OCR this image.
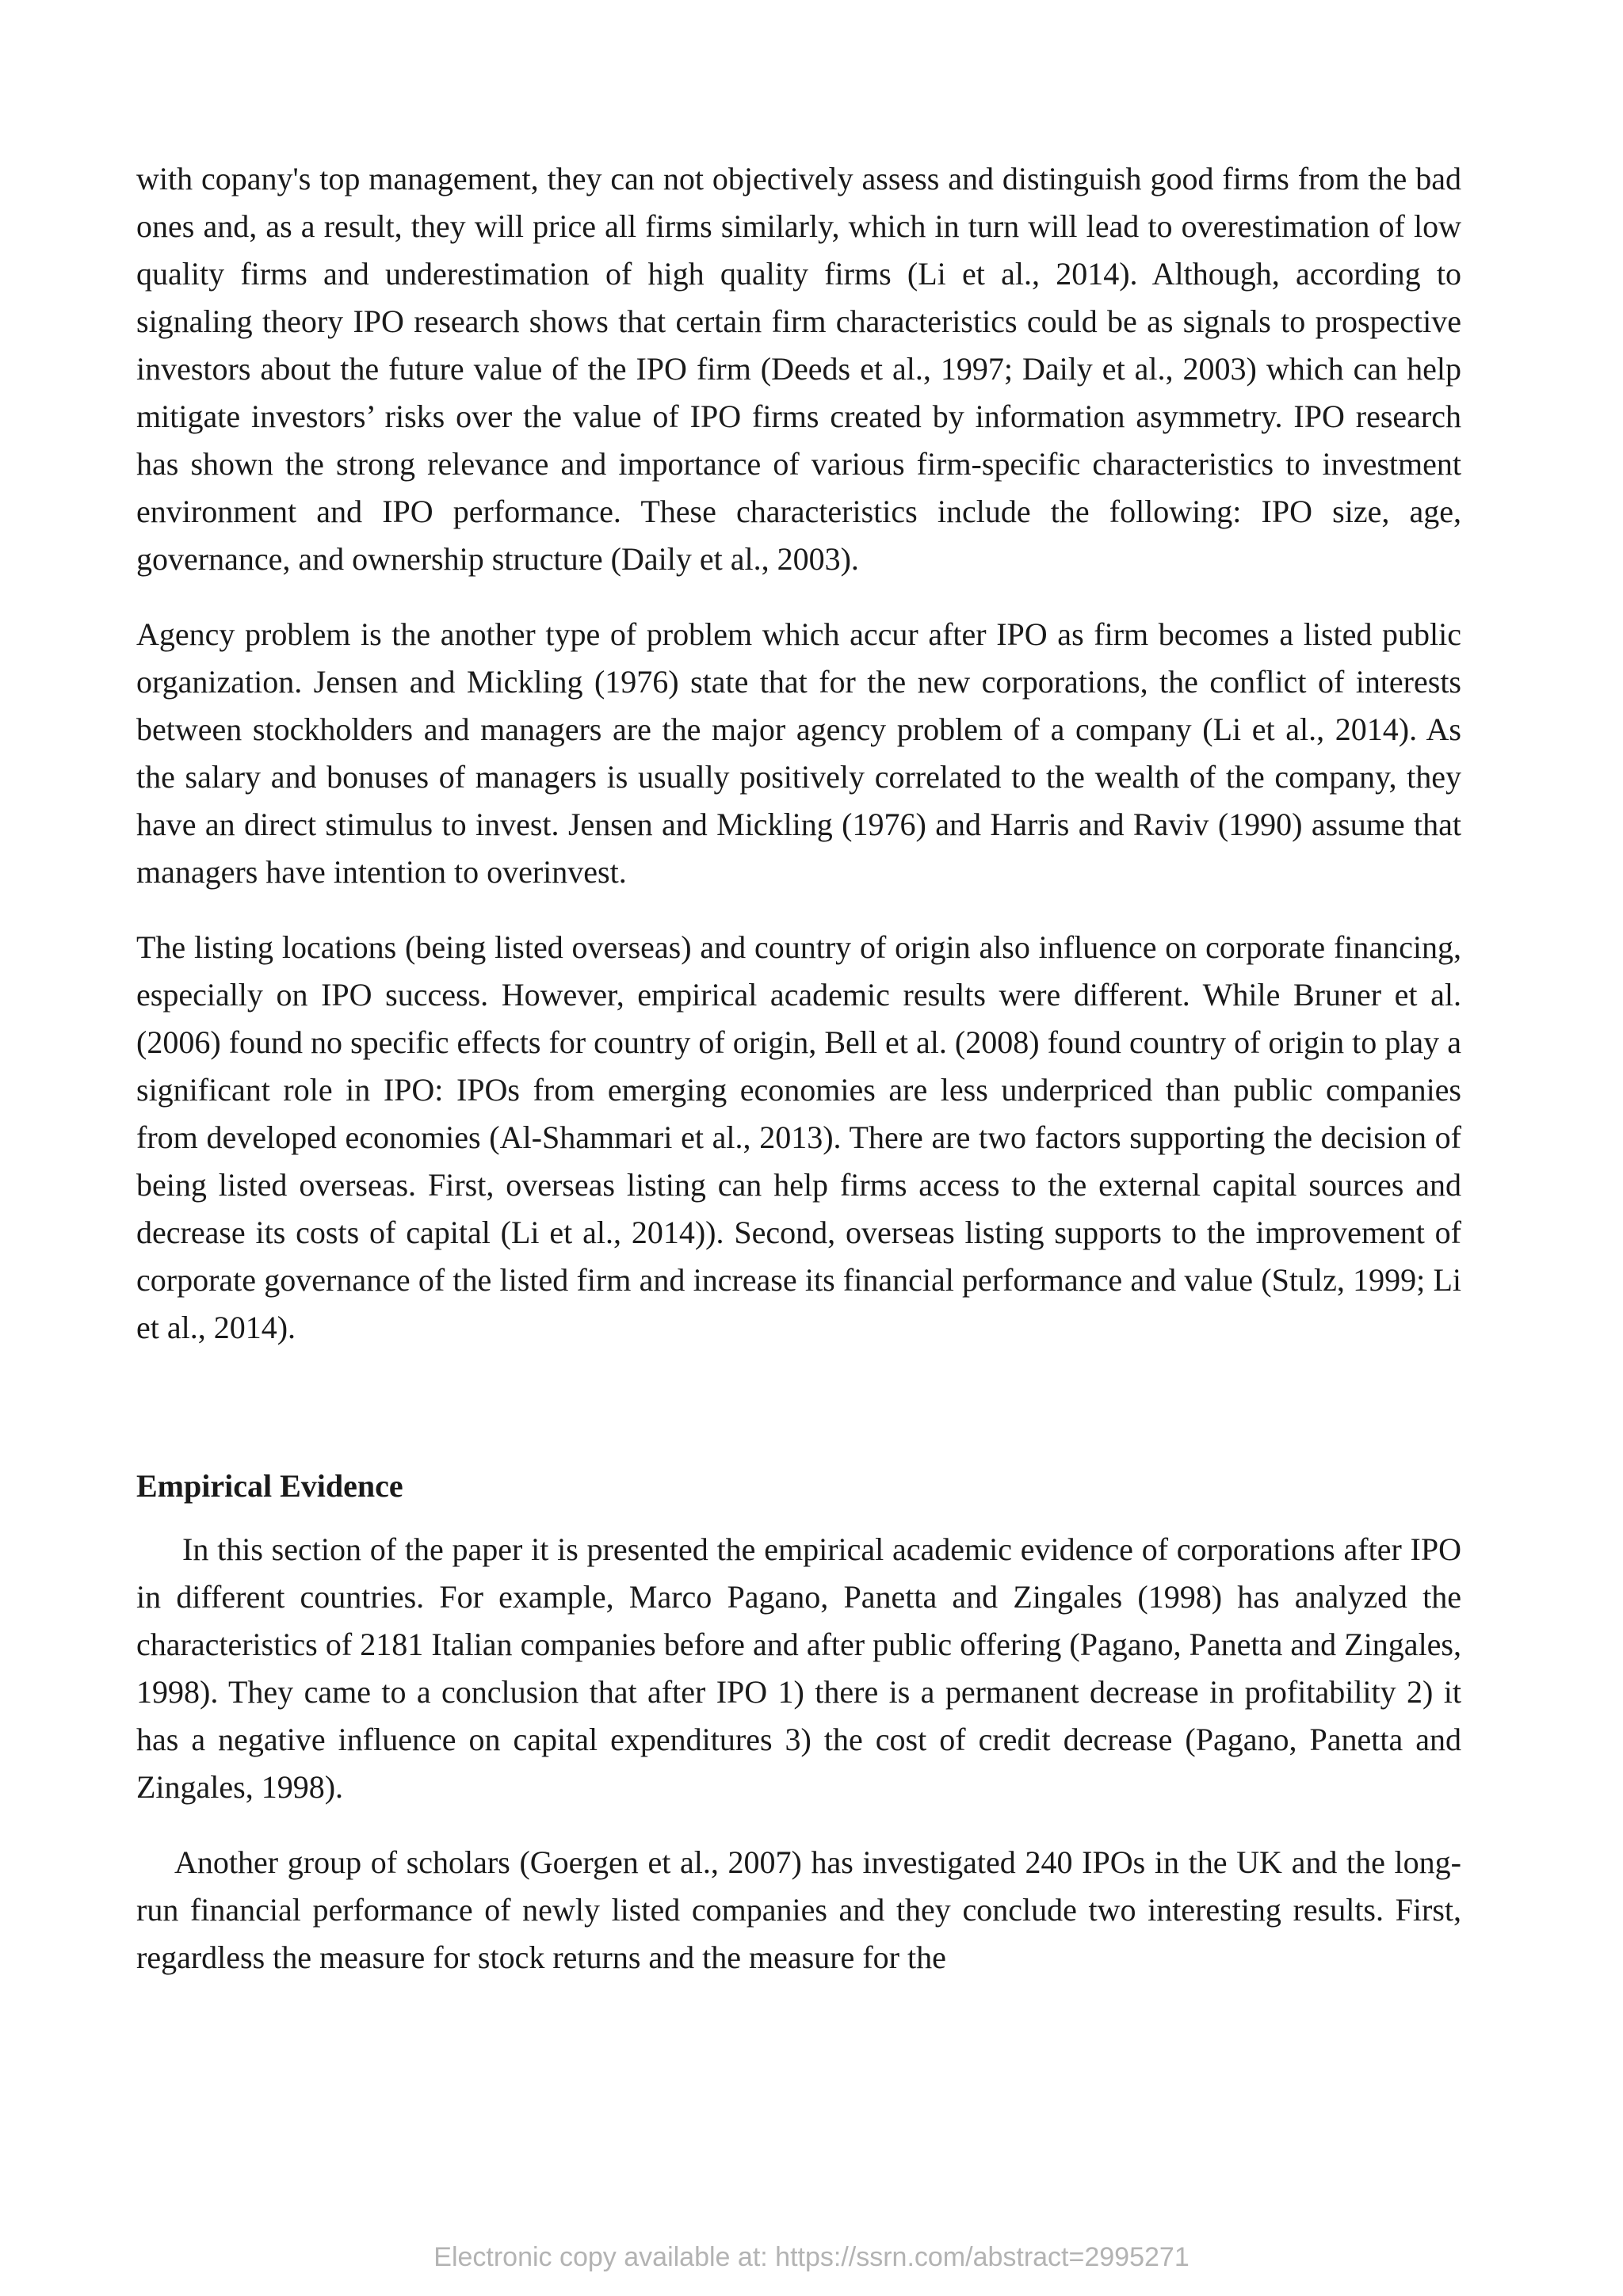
with copany's top management, they can not objectively assess and distinguish good firms from the bad ones and, as a result, they will price all firms similarly, which in turn will lead to overestimation of low quality firms and underestimation of high quality firms (Li et al., 2014). Although, according to signaling theory IPO research shows that certain firm characteristics could be as signals to prospective investors about the future value of the IPO firm (Deeds et al., 1997; Daily et al., 2003) which can help mitigate investors’ risks over the value of IPO firms created by information asymmetry. IPO research has shown the strong relevance and importance of various firm-specific characteristics to investment environment and IPO performance. These characteristics include the following: IPO size, age, governance, and ownership structure (Daily et al., 2003).

Agency problem is the another type of problem which accur after IPO as firm becomes a listed public organization. Jensen and Mickling (1976) state that for the new corporations, the conflict of interests between stockholders and managers are the major agency problem of a company (Li et al., 2014). As the salary and bonuses of managers is usually positively correlated to the wealth of the company, they have an direct stimulus to invest. Jensen and Mickling (1976) and Harris and Raviv (1990) assume that managers have intention to overinvest.

The listing locations (being listed overseas) and country of origin also influence on corporate financing, especially on IPO success. However, empirical academic results were different. While Bruner et al. (2006) found no specific effects for country of origin, Bell et al. (2008) found country of origin to play a significant role in IPO: IPOs from emerging economies are less underpriced than public companies from developed economies (Al-Shammari et al., 2013). There are two factors supporting the decision of being listed overseas. First, overseas listing can help firms access to the external capital sources and decrease its costs of capital (Li et al., 2014)). Second, overseas listing supports to the improvement of corporate governance of the listed firm and increase its financial performance and value (Stulz, 1999; Li et al., 2014).

Empirical Evidence

In this section of the paper it is presented the empirical academic evidence of corporations after IPO in different countries. For example, Marco Pagano, Panetta and Zingales (1998) has analyzed the characteristics of 2181 Italian companies before and after public offering (Pagano, Panetta and Zingales, 1998). They came to a conclusion that after IPO 1) there is a permanent decrease in profitability 2) it has a negative influence on capital expenditures 3) the cost of credit decrease (Pagano, Panetta and Zingales, 1998).

Another group of scholars (Goergen et al., 2007) has investigated 240 IPOs in the UK and the long-run financial performance of newly listed companies and they conclude two interesting results. First, regardless the measure for stock returns and the measure for the

Electronic copy available at: https://ssrn.com/abstract=2995271
